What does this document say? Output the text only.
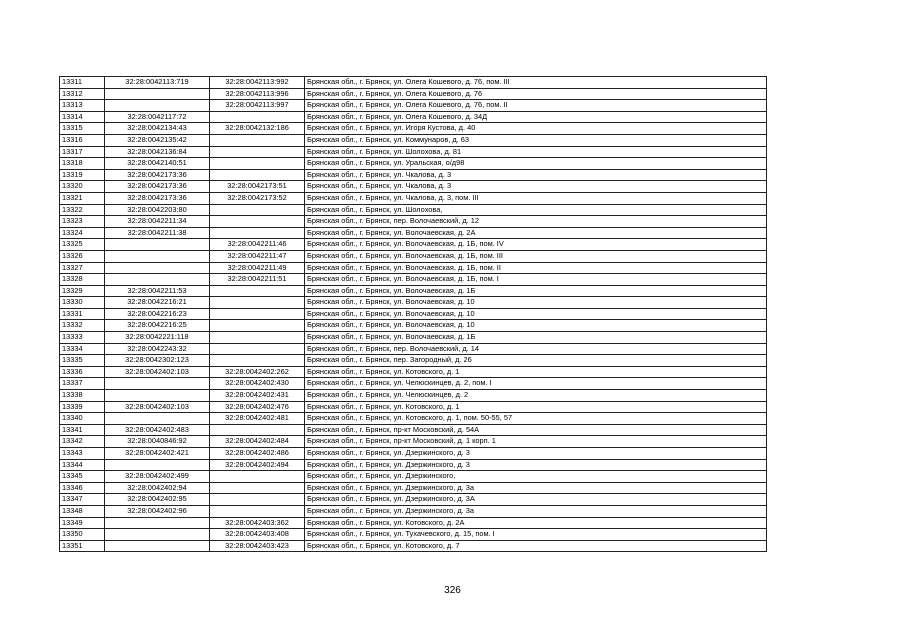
13311	32:28:0042113:719	32:28:0042113:992	Брянская обл., г. Брянск, ул. Олега Кошевого, д. 76, пом. III
13312		32:28:0042113:996	Брянская обл., г. Брянск, ул. Олега Кошевого, д. 76
13313		32:28:0042113:997	Брянская обл., г. Брянск, ул. Олега Кошевого, д. 76, пом. II
13314	32:28:0042117:72		Брянская обл., г. Брянск, ул. Олега Кошевого, д. 34Д
13315	32:28:0042134:43	32:28:0042132:186	Брянская обл., г. Брянск, ул. Игоря Кустова, д. 40
13316	32:28:0042135:42		Брянская обл., г. Брянск, ул. Коммунаров, д. 63
13317	32:28:0042136:84		Брянская обл., г. Брянск, ул. Шолохова, д. 81
13318	32:28:0042140:51		Брянская обл., г. Брянск, ул. Уральская, о/д98
13319	32:28:0042173:36		Брянская обл., г. Брянск, ул. Чкалова, д. 3
13320	32:28:0042173:36	32:28:0042173:51	Брянская обл., г. Брянск, ул. Чкалова, д. 3
13321	32:28:0042173:36	32:28:0042173:52	Брянская обл., г. Брянск, ул. Чкалова, д. 3, пом. III
13322	32:28:0042203:80		Брянская обл., г. Брянск, ул. Шолохова,
13323	32:28:0042211:34		Брянская обл., г. Брянск, пер. Волочаевский, д. 12
13324	32:28:0042211:38		Брянская обл., г. Брянск, ул. Волочаевская, д. 2А
13325		32:28:0042211:46	Брянская обл., г. Брянск, ул. Волочаевская, д. 1Б, пом. IV
13326		32:28:0042211:47	Брянская обл., г. Брянск, ул. Волочаевская, д. 1Б, пом. III
13327		32:28:0042211:49	Брянская обл., г. Брянск, ул. Волочаевская, д. 1Б, пом. II
13328		32:28:0042211:51	Брянская обл., г. Брянск, ул. Волочаевская, д. 1Б, пом. I
13329	32:28:0042211:53		Брянская обл., г. Брянск, ул. Волочаевская, д. 1Б
13330	32:28:0042216:21		Брянская обл., г. Брянск, ул. Волочаевская, д. 10
13331	32:28:0042216:23		Брянская обл., г. Брянск, ул. Волочаевская, д. 10
13332	32:28:0042216:25		Брянская обл., г. Брянск, ул. Волочаевская, д. 10
13333	32:28:0042221:118		Брянская обл., г. Брянск, ул. Волочаевская, д. 1Б
13334	32:28:0042243:32		Брянская обл., г. Брянск, пер. Волочаевский, д. 14
13335	32:28:0042302:123		Брянская обл., г. Брянск, пер. Загородный, д. 26
13336	32:28:0042402:103	32:28:0042402:262	Брянская обл., г. Брянск, ул. Котовского, д. 1
13337		32:28:0042402:430	Брянская обл., г. Брянск, ул. Челюскинцев, д. 2, пом. I
13338		32:28:0042402:431	Брянская обл., г. Брянск, ул. Челюскинцев, д. 2
13339	32:28:0042402:103	32:28:0042402:476	Брянская обл., г. Брянск, ул. Котовского, д. 1
13340		32:28:0042402:481	Брянская обл., г. Брянск, ул. Котовского, д. 1, пом. 50-55, 57
13341	32:28:0042402:483		Брянская обл., г. Брянск, пр-кт Московский, д. 54А
13342	32:28:0040846:92	32:28:0042402:484	Брянская обл., г. Брянск, пр-кт Московский, д. 1 корп. 1
13343	32:28:0042402:421	32:28:0042402:486	Брянская обл., г. Брянск, ул. Дзержинского, д. 3
13344		32:28:0042402:494	Брянская обл., г. Брянск, ул. Дзержинского, д. 3
13345	32:28:0042402:499		Брянская обл., г. Брянск, ул. Дзержинского,
13346	32:28:0042402:94		Брянская обл., г. Брянск, ул. Дзержинского, д. 3а
13347	32:28:0042402:95		Брянская обл., г. Брянск, ул. Дзержинского, д. 3А
13348	32:28:0042402:96		Брянская обл., г. Брянск, ул. Дзержинского, д. 3а
13349		32:28:0042403:362	Брянская обл., г. Брянск, ул. Котовского, д. 2А
13350		32:28:0042403:408	Брянская обл., г. Брянск, ул. Тухачевского, д. 15, пом. I
13351		32:28:0042403:423	Брянская обл., г. Брянск, ул. Котовского, д. 7
326
